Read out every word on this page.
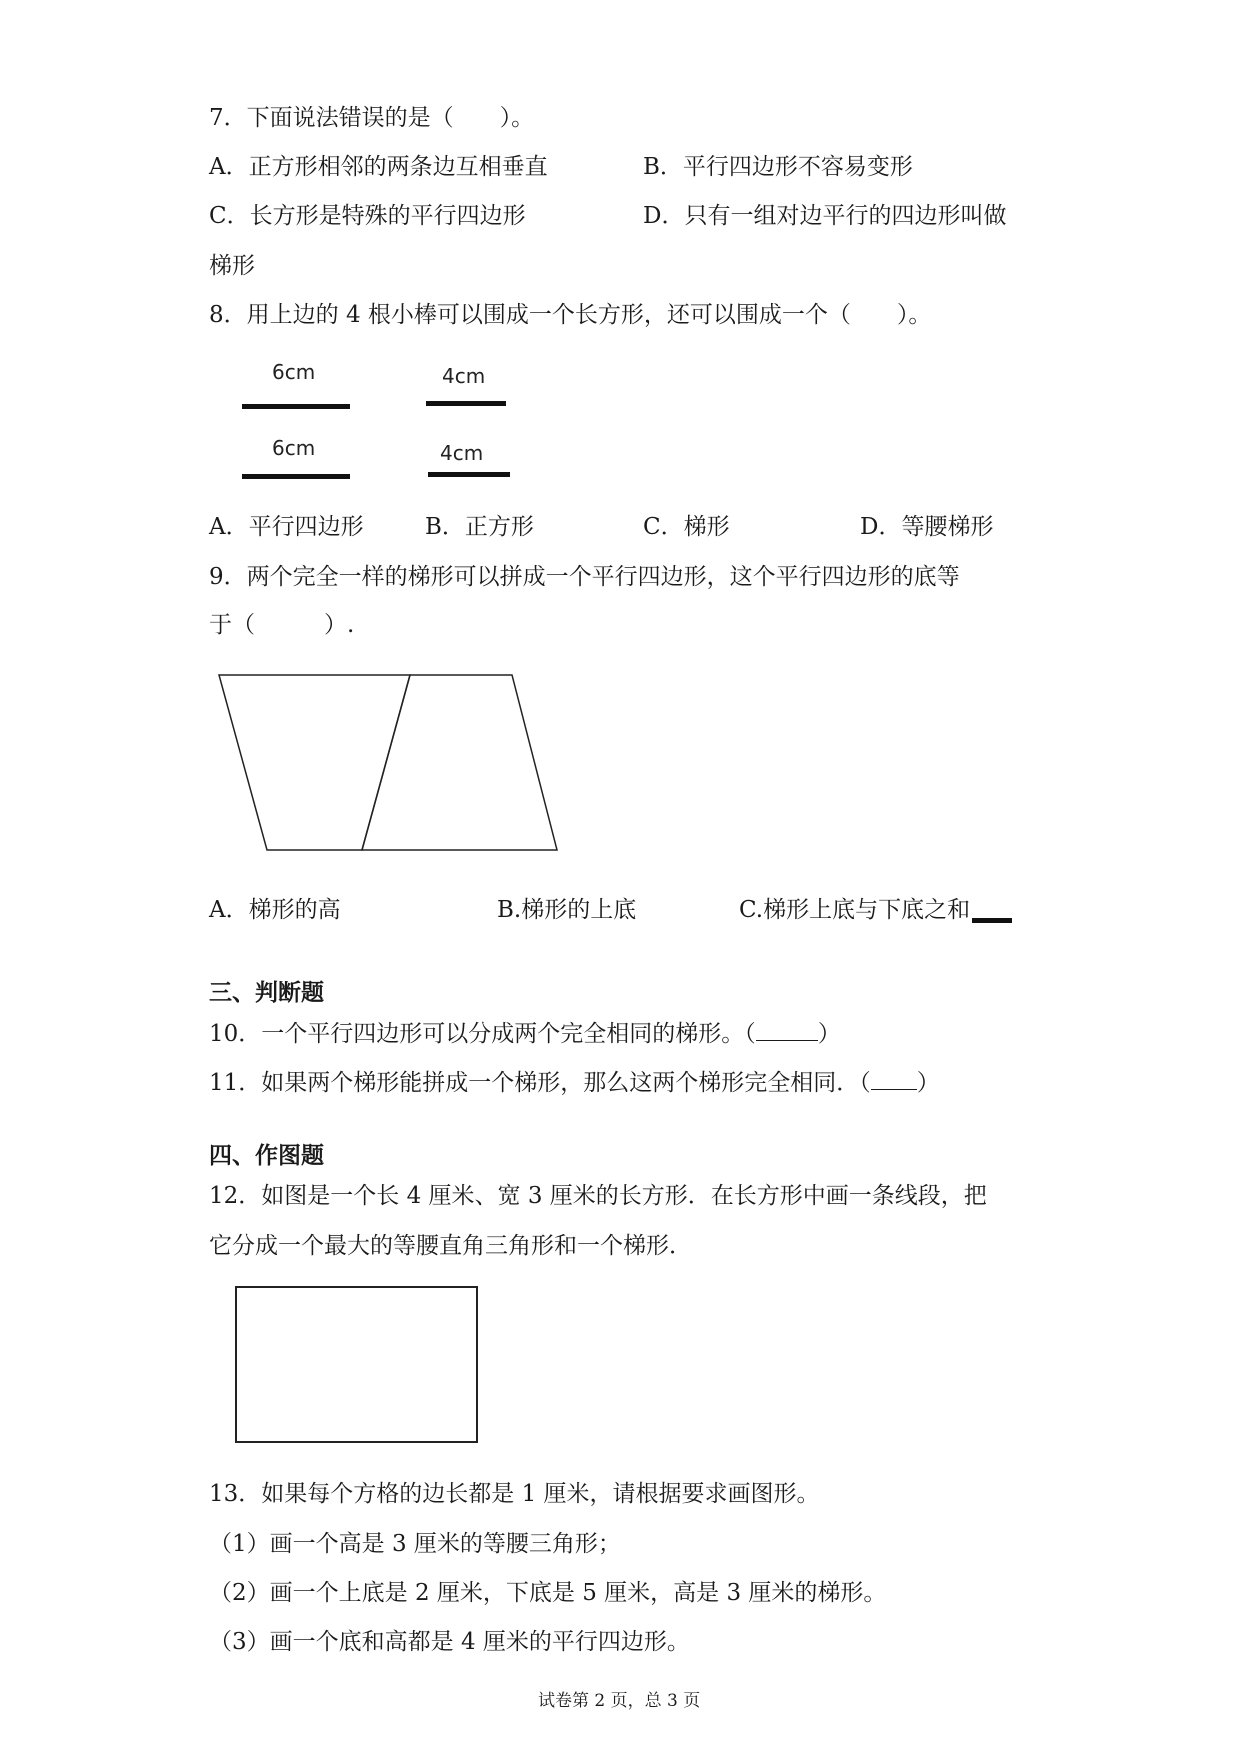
7．下面说法错误的是（　　）。
A．正方形相邻的两条边互相垂直	B．平行四边形不容易变形
C．长方形是特殊的平行四边形	D．只有一组对边平行的四边形叫做
梯形
8．用上边的 4 根小棒可以围成一个长方形，还可以围成一个（　　）。
6cm	4cm
6cm	4cm
A．平行四边形	B．正方形	C．梯形	D．等腰梯形
9．两个完全一样的梯形可以拼成一个平行四边形，这个平行四边形的底等
于（　　　）.
A．梯形的高	B.梯形的上底	C.梯形上底与下底之和
三、判断题
10．一个平行四边形可以分成两个完全相同的梯形。（	）
11．如果两个梯形能拼成一个梯形，那么这两个梯形完全相同．（ ）
四、作图题
12．如图是一个长 4 厘米、宽 3 厘米的长方形．在长方形中画一条线段，把
它分成一个最大的等腰直角三角形和一个梯形．
13．如果每个方格的边长都是 1 厘米，请根据要求画图形。
（1）画一个高是 3 厘米的等腰三角形；
（2）画一个上底是 2 厘米，下底是 5 厘米，高是 3 厘米的梯形。
（3）画一个底和高都是 4 厘米的平行四边形。
试卷第 2 页，总 3 页
